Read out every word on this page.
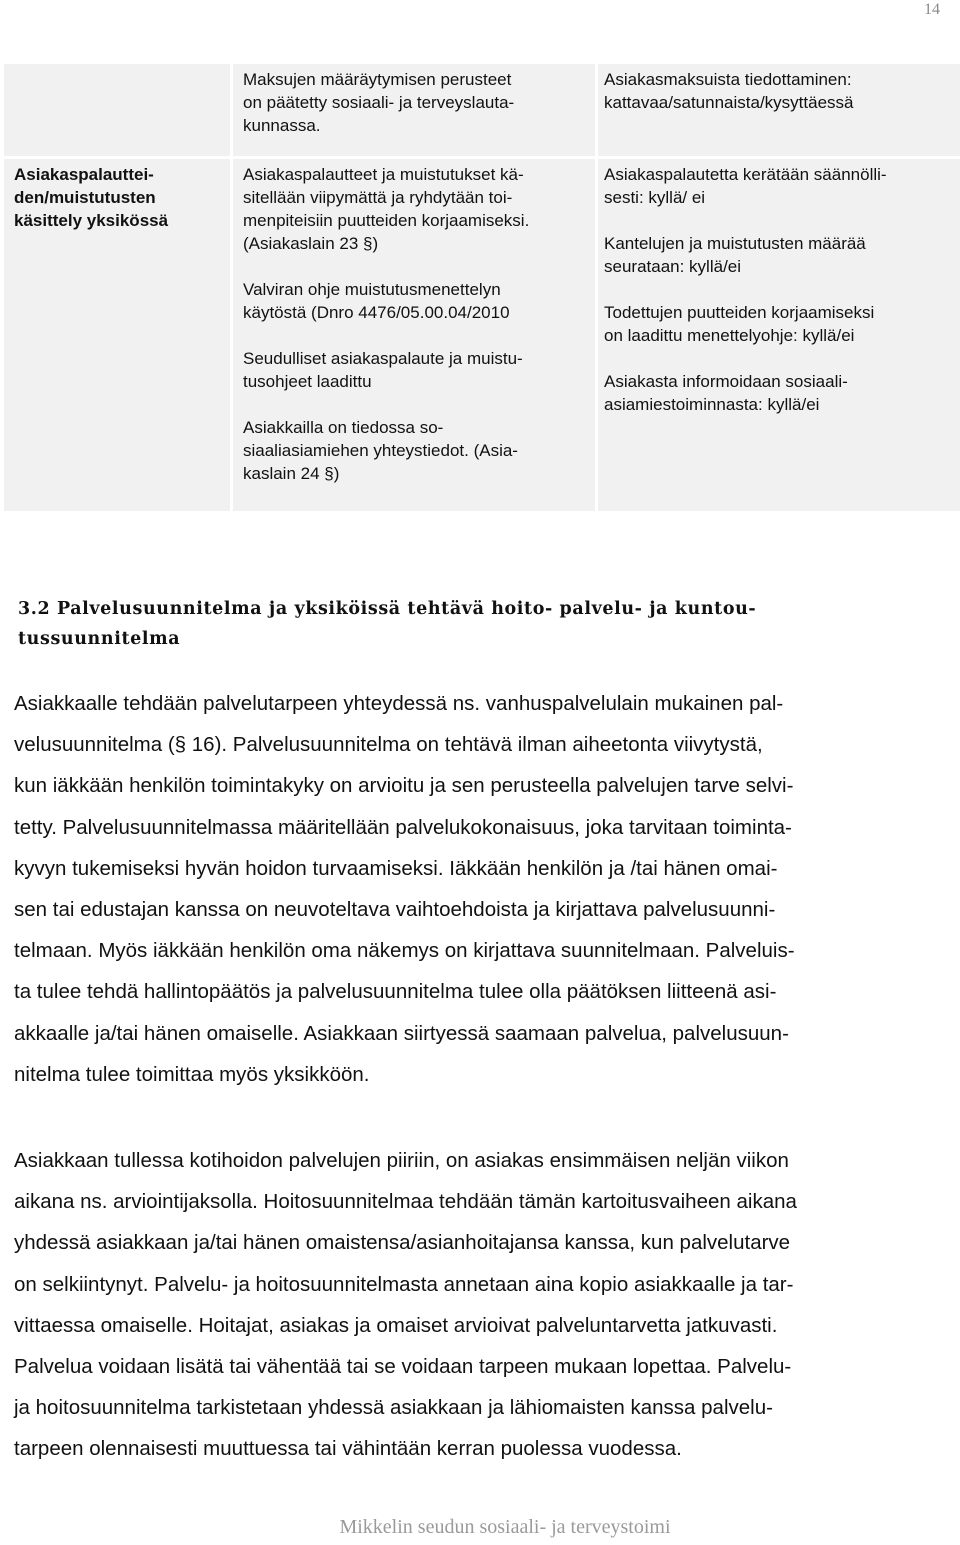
14
Maksujen määräytymisen perusteet
on päätetty sosiaali- ja terveyslauta-
kunnassa.
Asiakasmaksuista tiedottaminen:
kattavaa/satunnaista/kysyttäessä
Asiakaspalauttei-
den/muistutusten
käsittely yksikössä

Asiakaspalautteet ja muistutukset kä-
sitellään viipymättä ja ryhdytään toi-
menpiteisiin puutteiden korjaamiseksi.
(Asiakaslain 23 §)

Valviran ohje muistutusmenettelyn
käytöstä (Dnro 4476/05.00.04/2010

Seudulliset asiakaspalaute ja muistu-
tusohjeet laadittu

Asiakkailla on tiedossa so-
siaaliasiamiehen yhteystiedot. (Asia-
kaslain 24 §)

Asiakaspalautetta kerätään säännölli-
sesti: kyllä/ ei

Kantelujen ja muistutusten määrää
seurataan: kyllä/ei

Todettujen puutteiden korjaamiseksi
on laadittu menettelyohje: kyllä/ei

Asiakasta informoidaan sosiaali-
asiamiestoiminnasta: kyllä/ei

3.2 Palvelusuunnitelma ja yksiköissä tehtävä hoito- palvelu- ja kuntou-
tussuunnitelma
Asiakkaalle tehdään palvelutarpeen yhteydessä ns. vanhuspalvelulain mukainen pal-
velusuunnitelma (§ 16). Palvelusuunnitelma on tehtävä ilman aiheetonta viivytystä,
kun iäkkään henkilön toimintakyky on arvioitu ja sen perusteella palvelujen tarve selvi-
tetty. Palvelusuunnitelmassa määritellään palvelukokonaisuus, joka tarvitaan toiminta-
kyvyn tukemiseksi hyvän hoidon turvaamiseksi. Iäkkään henkilön ja /tai hänen omai-
sen tai edustajan kanssa on neuvoteltava vaihtoehdoista ja kirjattava palvelusuunni-
telmaan. Myös iäkkään henkilön oma näkemys on kirjattava suunnitelmaan. Palveluis-
ta tulee tehdä hallintopäätös ja palvelusuunnitelma tulee olla päätöksen liitteenä asi-
akkaalle ja/tai hänen omaiselle. Asiakkaan siirtyessä saamaan palvelua, palvelusuun-
nitelma tulee toimittaa myös yksikköön.
Asiakkaan tullessa kotihoidon palvelujen piiriin, on asiakas ensimmäisen neljän viikon
aikana ns. arviointijaksolla. Hoitosuunnitelmaa tehdään tämän kartoitusvaiheen aikana
yhdessä asiakkaan ja/tai hänen omaistensa/asianhoitajansa kanssa, kun palvelutarve
on selkiintynyt. Palvelu- ja hoitosuunnitelmasta annetaan aina kopio asiakkaalle ja tar-
vittaessa omaiselle. Hoitajat, asiakas ja omaiset arvioivat palveluntarvetta jatkuvasti.
Palvelua voidaan lisätä tai vähentää tai se voidaan tarpeen mukaan lopettaa. Palvelu-
ja hoitosuunnitelma tarkistetaan yhdessä asiakkaan ja lähiomaisten kanssa palvelu-
tarpeen olennaisesti muuttuessa tai vähintään kerran puolessa vuodessa.
Mikkelin seudun sosiaali- ja terveystoimi
